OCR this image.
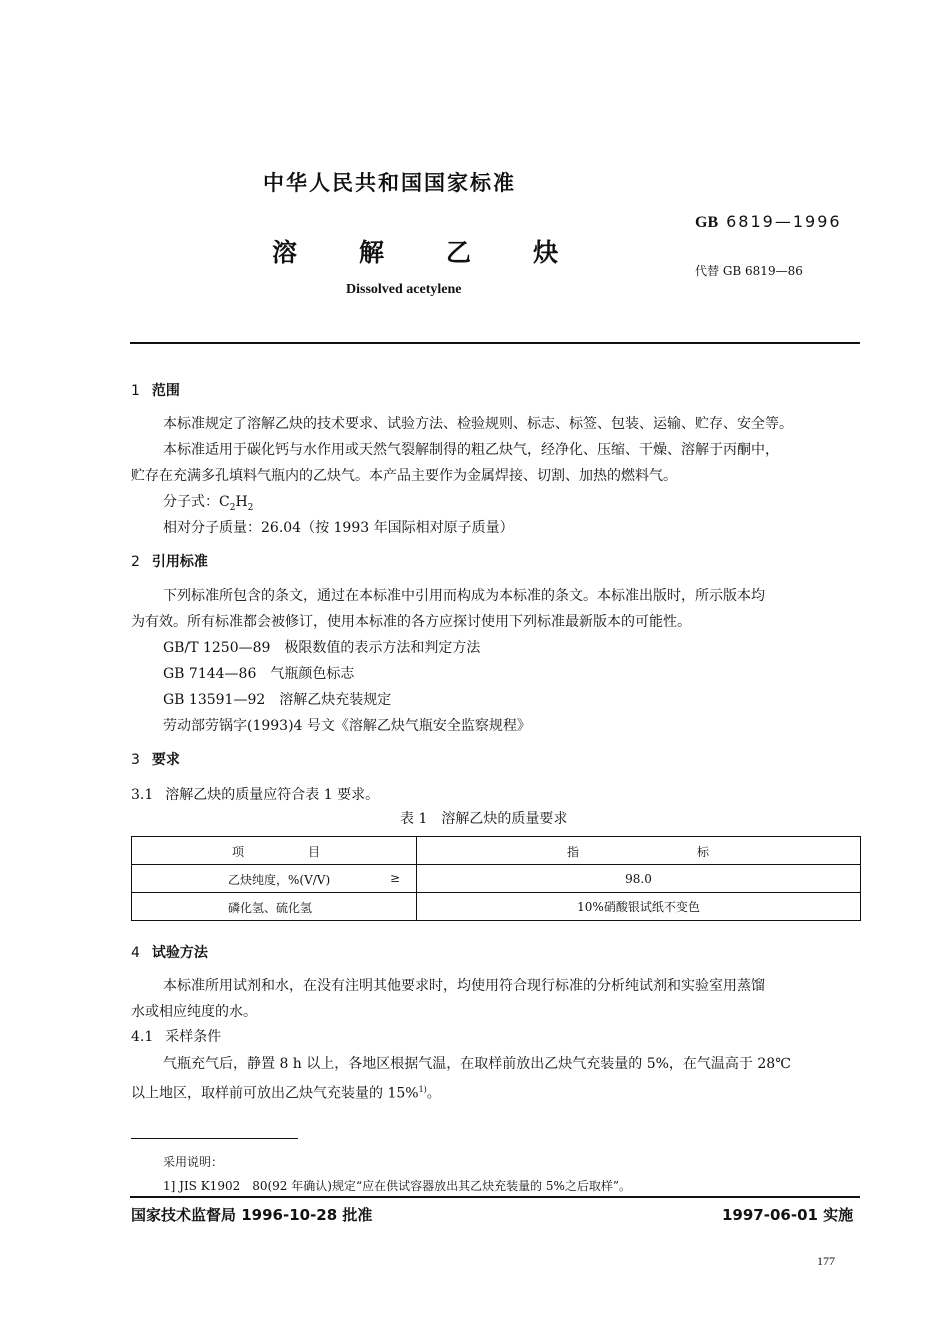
中华人民共和国国家标准
GB 6819—1996
溶 解 乙 炔
代替 GB 6819—86
Dissolved acetylene
1 范围
本标准规定了溶解乙炔的技术要求、试验方法、检验规则、标志、标签、包装、运输、贮存、安全等。
本标准适用于碳化钙与水作用或天然气裂解制得的粗乙炔气，经净化、压缩、干燥、溶解于丙酮中，
贮存在充满多孔填料气瓶内的乙炔气。本产品主要作为金属焊接、切割、加热的燃料气。
分子式：$C_2H_2$
相对分子质量：26.04（按 1993 年国际相对原子质量）
2 引用标准
下列标准所包含的条文，通过在本标准中引用而构成为本标准的条文。本标准出版时，所示版本均
为有效。所有标准都会被修订，使用本标准的各方应探讨使用下列标准最新版本的可能性。
GB/T 1250—89　极限数值的表示方法和判定方法
GB 7144—86　气瓶颜色标志
GB 13591—92　溶解乙炔充装规定
劳动部劳锅字(1993)4 号文《溶解乙炔气瓶安全监察规程》
3 要求
3.1 溶解乙炔的质量应符合表 1 要求。
表 1　溶解乙炔的质量要求
项 目	指 标

乙炔纯度，%(V/V) ≥	98.0

磷化氢、硫化氢	10%硝酸银试纸不变色
4 试验方法
本标准所用试剂和水，在没有注明其他要求时，均使用符合现行标准的分析纯试剂和实验室用蒸馏
水或相应纯度的水。
4.1 采样条件
气瓶充气后，静置 8 h 以上，各地区根据气温，在取样前放出乙炔气充装量的 5%，在气温高于 28℃
以上地区，取样前可放出乙炔气充装量的 15%$^{1)}$。
采用说明：
1] JIS K1902　80(92 年确认)规定“应在供试容器放出其乙炔充装量的 5%之后取样”。
国家技术监督局 1996-10-28 批准	1997-06-01 实施
177
